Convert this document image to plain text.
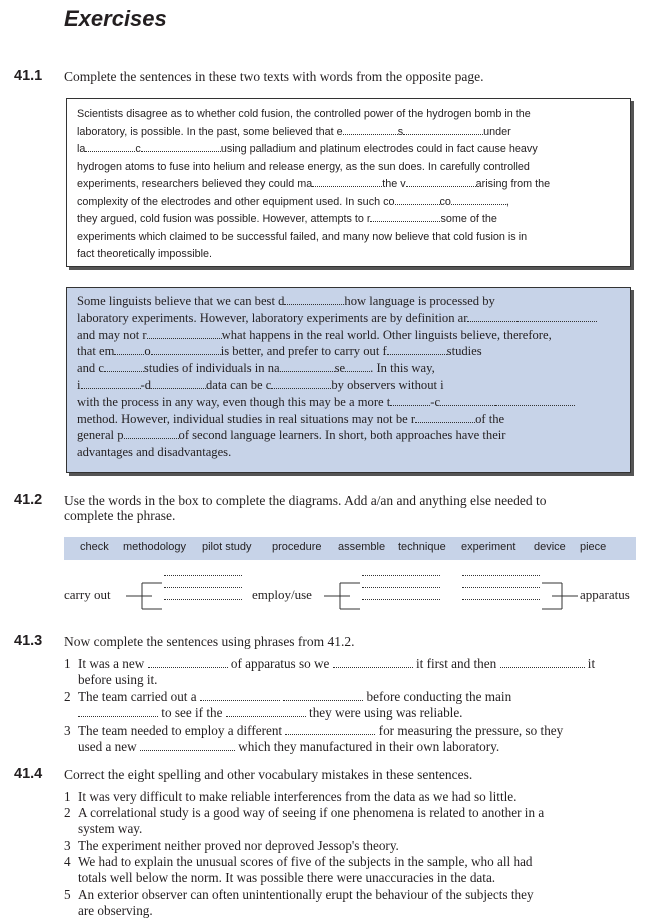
Exercises
41.1 Complete the sentences in these two texts with words from the opposite page.
Scientists disagree as to whether cold fusion, the controlled power of the hydrogen bomb in the
laboratory, is possible. In the past, some believed that e	s	under
la	c	using palladium and platinum electrodes could in fact cause heavy
hydrogen atoms to fuse into helium and release energy, as the sun does. In carefully controlled
experiments, researchers believed they could ma	the v	arising from the
complexity of the electrodes and other equipment used. In such co	co	,
they argued, cold fusion was possible. However, attempts to r	some of the
experiments which claimed to be successful failed, and many now believe that cold fusion is in
fact theoretically impossible.
Some linguists believe that we can best d	how language is processed by
laboratory experiments. However, laboratory experiments are by definition ar
and may not r	what happens in the real world. Other linguists believe, therefore,
that em o	is better, and prefer to carry out f	studies
and c	studies of individuals in na	se . In this way,
i	-d	data can be c	by observers without i
with the process in any way, even though this may be a more t	-c
method. However, individual studies in real situations may not be r	of the
general p	of second language learners. In short, both approaches have their
advantages and disadvantages.
41.2 Use the words in the box to complete the diagrams. Add a/an and anything else needed to
complete the phrase.
check methodology pilot study procedure assemble technique experiment device piece
carry out	employ/use	apparatus
41.3 Now complete the sentences using phrases from 41.2.
1 It was a new	of apparatus so we	it first and then	it
before using it.
2 The team carried out a	before conducting the main
to see if the	they were using was reliable.
3 The team needed to employ a different	for measuring the pressure, so they
used a new	which they manufactured in their own laboratory.
41.4 Correct the eight spelling and other vocabulary mistakes in these sentences.
1 It was very difficult to make reliable interferences from the data as we had so little.
2 A correlational study is a good way of seeing if one phenomena is related to another in a
system way.
3 The experiment neither proved nor deproved Jessop's theory.
4 We had to explain the unusual scores of five of the subjects in the sample, who all had
totals well below the norm. It was possible there were unaccuracies in the data.
5 An exterior observer can often unintentionally erupt the behaviour of the subjects they
are observing.
